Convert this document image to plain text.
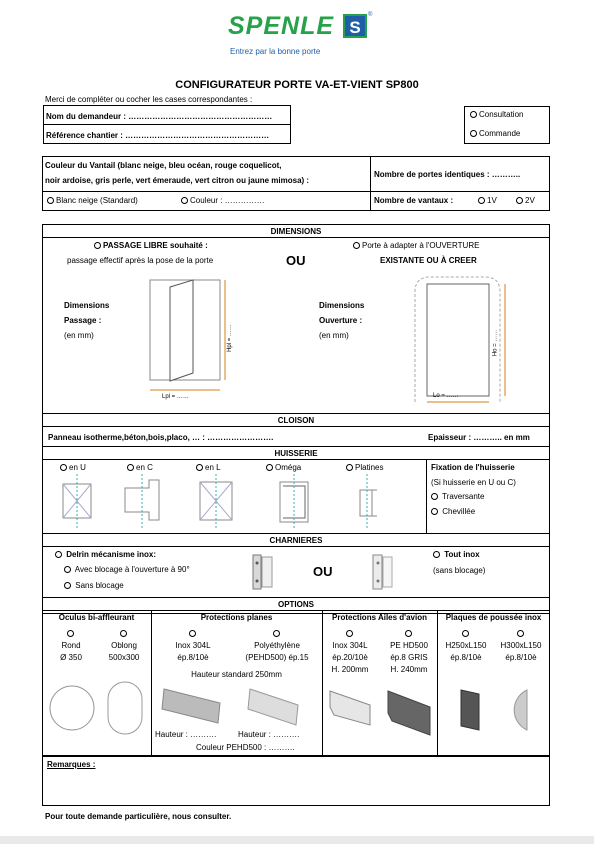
SPENLE S
®
Entrez par la bonne porte
CONFIGURATEUR PORTE VA-ET-VIENT SP800
Merci de compléter ou cocher les cases correspondantes :
Nom du demandeur : ………………………………………………
Référence chantier : ………………………………………………
Consultation
Commande
Couleur du Vantail (blanc neige, bleu océan, rouge coquelicot,
noir ardoise, gris perle, vert émeraude, vert citron ou jaune mimosa) :
Blanc neige (Standard)	Couleur : ……………
Nombre de portes identiques : ………..
Nombre de vantaux :	1V	2V
DIMENSIONS
PASSAGE LIBRE souhaité :
passage effectif après la pose de la porte	OU
Porte à adapter à l'OUVERTURE
EXISTANTE OU À CREER
Dimensions
Passage :
(en mm)
Dimensions
Ouverture :
(en mm)
Hpl = ……
Lpl = ……
Ho = ……
Lo = ……
CLOISON
Panneau isotherme,béton,bois,placo, … : …………………….	Epaisseur : ……….. en mm
HUISSERIE
en U	en C	en L	Oméga	Platines	Fixation de l'huisserie
(Si huisserie en U ou C)
Traversante
Chevillée
CHARNIERES
Delrin mécanisme inox:
Avec blocage à l'ouverture à 90°
Sans blocage
OU
Tout inox
(sans blocage)
OPTIONS
Oculus bi-affleurant

Rond
Ø 350

Oblong
500x300
Protections planes

Inox 304L
ép.8/10è

Polyéthylène
(PEHD500) ép.15
Hauteur standard 250mm
Hauteur : ……….	Hauteur : ……….
Couleur PEHD500 : ……….
Protections Ailes d'avion

Inox 304L
ép.20/10è
H. 200mm

PE HD500
ép.8 GRIS
H. 240mm
Plaques de poussée inox

H250xL150
ép.8/10è

H300xL150
ép.8/10è
Remarques :
Pour toute demande particulière, nous consulter.
